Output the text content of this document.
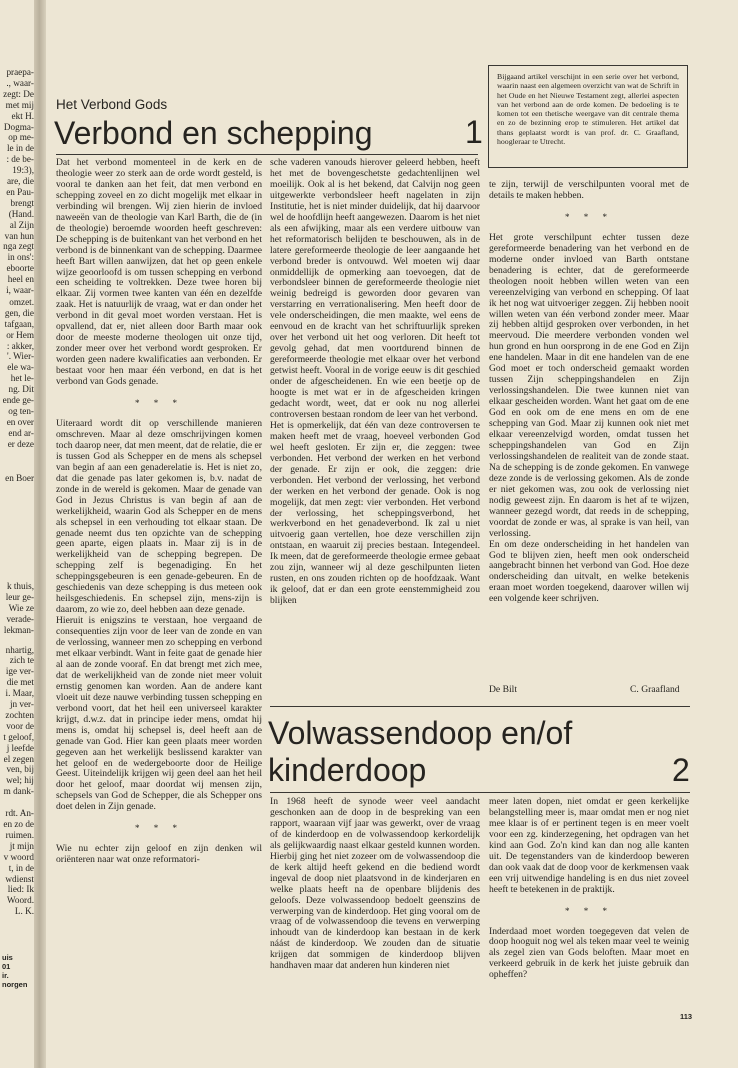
praepa-
., waar-
zegt: De
met mij
ekt H.
Dogma-
op me-
le in de
: de be-
19:3),
are, die
en Pau-
brengt
(Hand.
al Zijn
van hun
nga zegt
in ons':
eboorte
heel en
i, waar-
omzet.
gen, die
tafgaan,
or Hem
: akker,
'. Wier-
ele wa-
het le-
ng. Dit
ende ge-
og ten-
en over
end ar-
er deze
en Boer
k thuis,
leur ge-
Wie ze
verade-
lekman-
nhartig,
zich te
ige ver-
die met
i. Maar,
jn ver-
zochten
voor de
t geloof,
j leefde
el zegen
ven, bij
wel; hij
m dank-
rdt. An-
en zo de
ruimen.
jt mijn
v woord
t, in de
wdienst
lied: Ik
Woord.
L. K.
uis
01
ir.
norgen
Het Verbond Gods
Verbond en schepping	1
Bijgaand artikel verschijnt in een serie over het verbond, waarin naast een algemeen overzicht van wat de Schrift in het Oude en het Nieuwe Testament zegt, allerlei aspecten van het verbond aan de orde komen. De bedoeling is te komen tot een thetische weergave van dit centrale thema en zo de bezinning erop te stimuleren. Het artikel dat thans geplaatst wordt is van prof. dr. C. Graafland, hoogleraar te Utrecht.

Dat het verbond momenteel in de kerk en de theologie weer zo sterk aan de orde wordt gesteld, is vooral te danken aan het feit, dat men verbond en schepping zoveel en zo dicht mogelijk met elkaar in verbinding wil brengen. Wij zien hierin de invloed naweeën van de theologie van Karl Barth, die de (in de theologie) beroemde woorden heeft geschreven: De schepping is de buitenkant van het verbond en het verbond is de binnenkant van de schepping. Daarmee heeft Bart willen aanwijzen, dat het op geen enkele wijze geoorloofd is om tussen schepping en verbond een scheiding te voltrekken. Deze twee horen bij elkaar. Zij vormen twee kanten van één en dezelfde zaak. Het is natuurlijk de vraag, wat er dan onder het verbond in dit geval moet worden verstaan. Het is opvallend, dat er, niet alleen door Barth maar ook door de meeste moderne theologen uit onze tijd, zonder meer over het verbond wordt gesproken. Er worden geen nadere kwalificaties aan verbonden. Er bestaat voor hen maar één verbond, en dat is het verbond van Gods genade.

* * *

Uiteraard wordt dit op verschillende manieren omschreven. Maar al deze omschrijvingen komen toch daarop neer, dat men meent, dat de relatie, die er is tussen God als Schepper en de mens als schepsel van begin af aan een genaderelatie is. Het is niet zo, dat die genade pas later gekomen is, b.v. nadat de zonde in de wereld is gekomen. Maar de genade van God in Jezus Christus is van begin af aan de werkelijkheid, waarin God als Schepper en de mens als schepsel in een verhouding tot elkaar staan. De genade neemt dus ten opzichte van de schepping geen aparte, eigen plaats in. Maar zij is in de werkelijkheid van de schepping begrepen. De schepping zelf is begenadiging. En het scheppingsgebeuren is een genade-gebeuren. En de geschiedenis van deze schepping is dus meteen ook heilsgeschiedenis. En schepsel zijn, mens-zijn is daarom, zo wie zo, deel hebben aan deze genade.

Hieruit is enigszins te verstaan, hoe vergaand de consequenties zijn voor de leer van de zonde en van de verlossing, wanneer men zo schepping en verbond met elkaar verbindt. Want in feite gaat de genade hier al aan de zonde vooraf. En dat brengt met zich mee, dat de werkelijkheid van de zonde niet meer voluit ernstig genomen kan worden. Aan de andere kant vloeit uit deze nauwe verbinding tussen schepping en verbond voort, dat het heil een universeel karakter krijgt, d.w.z. dat in principe ieder mens, omdat hij mens is, omdat hij schepsel is, deel heeft aan de genade van God. Hier kan geen plaats meer worden gegeven aan het werkelijk beslissend karakter van het geloof en de wedergeboorte door de Heilige Geest. Uiteindelijk krijgen wij geen deel aan het heil door het geloof, maar doordat wij mensen zijn, schepsels van God de Schepper, die als Schepper ons doet delen in Zijn genade.

* * *

Wie nu echter zijn geloof en zijn denken wil oriënteren naar wat onze reformatori-

sche vaderen vanouds hierover geleerd hebben, heeft het met de bovengeschetste gedachtenlijnen wel moeilijk. Ook al is het bekend, dat Calvijn nog geen uitgewerkte verbondsleer heeft nagelaten in zijn Institutie, het is niet minder duidelijk, dat hij daarvoor wel de hoofdlijn heeft aangewezen. Daarom is het niet als een afwijking, maar als een verdere uitbouw van het reformatorisch belijden te beschouwen, als in de latere gereformeerde theologie de leer aangaande het verbond breder is ontvouwd. Wel moeten wij daar onmiddellijk de opmerking aan toevoegen, dat de verbondsleer binnen de gereformeerde theologie niet weinig bedreigd is geworden door gevaren van verstarring en verrationalisering. Men heeft door de vele onderscheidingen, die men maakte, wel eens de eenvoud en de kracht van het schriftuurlijk spreken over het verbond uit het oog verloren. Dit heeft tot gevolg gehad, dat men voortdurend binnen de gereformeerde theologie met elkaar over het verbond getwist heeft. Vooral in de vorige eeuw is dit geschied onder de afgescheidenen. En wie een beetje op de hoogte is met wat er in de afgescheiden kringen gedacht wordt, weet, dat er ook nu nog allerlei controversen bestaan rondom de leer van het verbond.

Het is opmerkelijk, dat één van deze controversen te maken heeft met de vraag, hoeveel verbonden God wel heeft gesloten. Er zijn er, die zeggen: twee verbonden. Het verbond der werken en het verbond der genade. Er zijn er ook, die zeggen: drie verbonden. Het verbond der verlossing, het verbond der werken en het verbond der genade. Ook is nog mogelijk, dat men zegt: vier verbonden. Het verbond der verlossing, het scheppingsverbond, het werkverbond en het genadeverbond. Ik zal u niet uitvoerig gaan vertellen, hoe deze verschillen zijn ontstaan, en waaruit zij precies bestaan. Integendeel. Ik meen, dat de gereformeerde theologie ermee gebaat zou zijn, wanneer wij al deze geschilpunten lieten rusten, en ons zouden richten op de hoofdzaak. Want ik geloof, dat er dan een grote eenstemmigheid zou blijken

te zijn, terwijl de verschilpunten vooral met de details te maken hebben.

* * *

Het grote verschilpunt echter tussen deze gereformeerde benadering van het verbond en de moderne onder invloed van Barth ontstane benadering is echter, dat de gereformeerde theologen nooit hebben willen weten van een vereenzelviging van verbond en schepping. Of laat ik het nog wat uitvoeriger zeggen. Zij hebben nooit willen weten van één verbond zonder meer. Maar zij hebben altijd gesproken over verbonden, in het meervoud. Die meerdere verbonden vonden wel hun grond en hun oorsprong in de ene God en Zijn ene handelen. Maar in dit ene handelen van de ene God moet er toch onderscheid gemaakt worden tussen Zijn scheppingshandelen en Zijn verlossingshandelen. Die twee kunnen niet van elkaar gescheiden worden. Want het gaat om de ene God en ook om de ene mens en om de ene schepping van God. Maar zij kunnen ook niet met elkaar vereenzelvigd worden, omdat tussen het scheppingshandelen van God en Zijn verlossingshandelen de realiteit van de zonde staat. Na de schepping is de zonde gekomen. En vanwege deze zonde is de verlossing gekomen. Als de zonde er niet gekomen was, zou ook de verlossing niet nodig geweest zijn. En daarom is het af te wijzen, wanneer gezegd wordt, dat reeds in de schepping, voordat de zonde er was, al sprake is van heil, van verlossing.

En om deze onderscheiding in het handelen van God te blijven zien, heeft men ook onderscheid aangebracht binnen het verbond van God. Hoe deze onderscheiding dan uitvalt, en welke betekenis eraan moet worden toegekend, daarover willen wij een volgende keer schrijven.

De Bilt	C. Graafland
Volwassendoop en/of
kinderdoop	2

In 1968 heeft de synode weer veel aandacht geschonken aan de doop in de bespreking van een rapport, waaraan vijf jaar was gewerkt, over de vraag of de kinderdoop en de volwassendoop kerkordelijk als gelijkwaardig naast elkaar gesteld kunnen worden. Hierbij ging het niet zozeer om de volwassendoop die de kerk altijd heeft gekend en die bediend wordt ingeval de doop niet plaatsvond in de kinderjaren en welke plaats heeft na de openbare blijdenis des geloofs. Deze volwassendoop bedoelt geenszins de verwerping van de kinderdoop. Het ging vooral om de vraag of de volwassendoop die tevens en verwerping inhoudt van de kinderdoop kan bestaan in de kerk náást de kinderdoop. We zouden dan de situatie krijgen dat sommigen de kinderdoop blijven handhaven maar dat anderen hun kinderen niet

meer laten dopen, niet omdat er geen kerkelijke belangstelling meer is, maar omdat men er nog niet mee klaar is of er pertinent tegen is en meer voelt voor een zg. kinderzegening, het opdragen van het kind aan God. Zo'n kind kan dan nog alle kanten uit. De tegenstanders van de kinderdoop beweren dan ook vaak dat de doop voor de kerkmensen vaak een vrij uitwendige handeling is en dus niet zoveel heeft te betekenen in de praktijk.

* * *

Inderdaad moet worden toegegeven dat velen de doop hooguit nog wel als teken maar veel te weinig als zegel zien van Gods beloften. Maar moet en verkeerd gebruik in de kerk het juiste gebruik dan opheffen?

113
